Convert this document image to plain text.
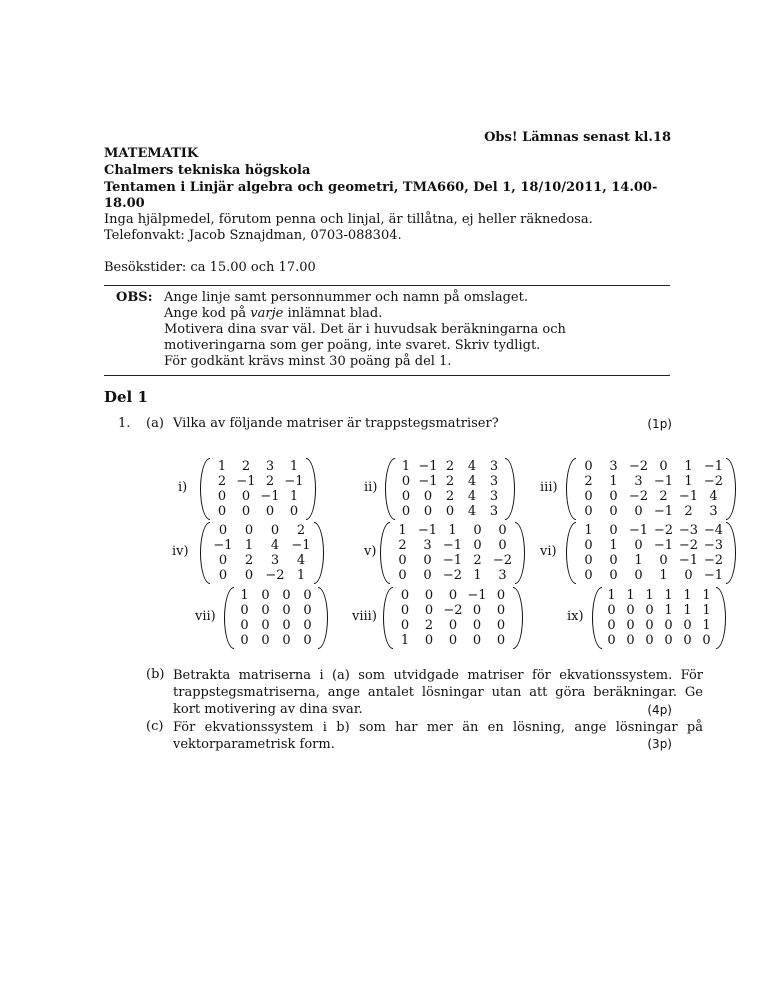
Obs! Lämnas senast kl.18
MATEMATIK
Chalmers tekniska högskola
Tentamen i Linjär algebra och geometri, TMA660, Del 1, 18/10/2011, 14.00-
18.00
Inga hjälpmedel, förutom penna och linjal, är tillåtna, ej heller räknedosa.
Telefonvakt: Jacob Sznajdman, 0703-088304.
Besökstider: ca 15.00 och 17.00
OBS: Ange linje samt personnummer och namn på omslaget.
Ange kod på varje inlämnat blad.
Motivera dina svar väl. Det är i huvudsak beräkningarna och
motiveringarna som ger poäng, inte svaret. Skriv tydligt.
För godkänt krävs minst 30 poäng på del 1.
Del 1
1. (a) Vilka av följande matriser är trappstegsmatriser?	(1p)
i)
1	2	3	1
2	−1	2	−1
0	0	−1	1
0	0	0	0
ii)
1	−1	2	4	3
0	−1	2	4	3
0	0	2	4	3
0	0	0	4	3
iii)
0	3	−2	0	1	−1
2	1	3	−1	1	−2
0	0	−2	2	−1	4
0	0	0	−1	2	3
iv)
0	0	0	2
−1	1	4	−1
0	2	3	4
0	0	−2	1
v)
1	−1	1	0	0
2	3	−1	0	0
0	0	−1	2	−2
0	0	−2	1	3
vi)
1	0	−1	−2	−3	−4
0	1	0	−1	−2	−3
0	0	1	0	−1	−2
0	0	0	1	0	−1
vii)
1	0	0	0
0	0	0	0
0	0	0	0
0	0	0	0
viii)
0	0	0	−1	0
0	0	−2	0	0
0	2	0	0	0
1	0	0	0	0
ix)
1	1	1	1	1	1
0	0	0	1	1	1
0	0	0	0	0	1
0	0	0	0	0	0
(b) Betrakta matriserna i (a) som utvidgade matriser för ekvationssystem. För trappstegsmatriserna, ange antalet lösningar utan att göra beräkningar. Ge kort motivering av dina svar.	(4p)
(c) För ekvationssystem i b) som har mer än en lösning, ange lösningar på vektorparametrisk form.	(3p)
